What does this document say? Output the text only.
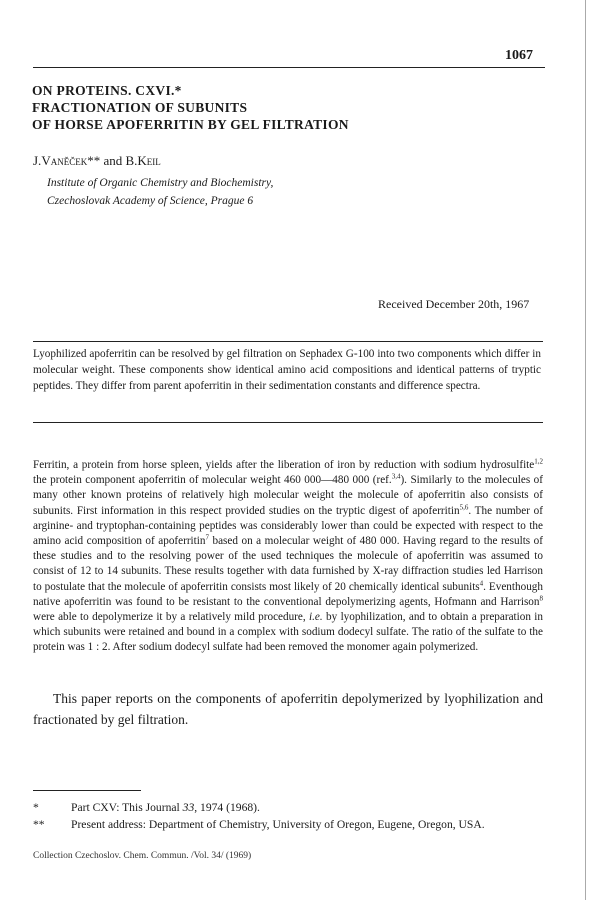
1067
ON PROTEINS. CXVI.*
FRACTIONATION OF SUBUNITS
OF HORSE APOFERRITIN BY GEL FILTRATION
J.Vaněček** and B.Keil
Institute of Organic Chemistry and Biochemistry,
Czechoslovak Academy of Science, Prague 6
Received December 20th, 1967
Lyophilized apoferritin can be resolved by gel filtration on Sephadex G-100 into two components which differ in molecular weight. These components show identical amino acid compositions and identical patterns of tryptic peptides. They differ from parent apoferritin in their sedimentation constants and difference spectra.
Ferritin, a protein from horse spleen, yields after the liberation of iron by reduction with sodium hydrosulfite$^{1,2}$ the protein component apoferritin of molecular weight 460 000—480 000 (ref.$^{3,4}$). Similarly to the molecules of many other known proteins of relatively high molecular weight the molecule of apoferritin also consists of subunits. First information in this respect provided studies on the tryptic digest of apoferritin$^{5,6}$. The number of arginine- and tryptophan-containing peptides was considerably lower than could be expected with respect to the amino acid composition of apoferritin$^7$ based on a molecular weight of 480 000. Having regard to the results of these studies and to the resolving power of the used techniques the molecule of apoferritin was assumed to consist of 12 to 14 subunits. These results together with data furnished by X-ray diffraction studies led Harrison to postulate that the molecule of apoferritin consists most likely of 20 chemically identical subunits$^4$. Eventhough native apoferritin was found to be resistant to the conventional depolymerizing agents, Hofmann and Harrison$^8$ were able to depolymerize it by a relatively mild procedure, i.e. by lyophilization, and to obtain a preparation in which subunits were retained and bound in a complex with sodium dodecyl sulfate. The ratio of the sulfate to the protein was 1 : 2. After sodium dodecyl sulfate had been removed the monomer again polymerized.
This paper reports on the components of apoferritin depolymerized by lyophilization and fractionated by gel filtration.
*	Part CXV: This Journal 33, 1974 (1968).
**	Present address: Department of Chemistry, University of Oregon, Eugene, Oregon, USA.
Collection Czechoslov. Chem. Commun. /Vol. 34/ (1969)
